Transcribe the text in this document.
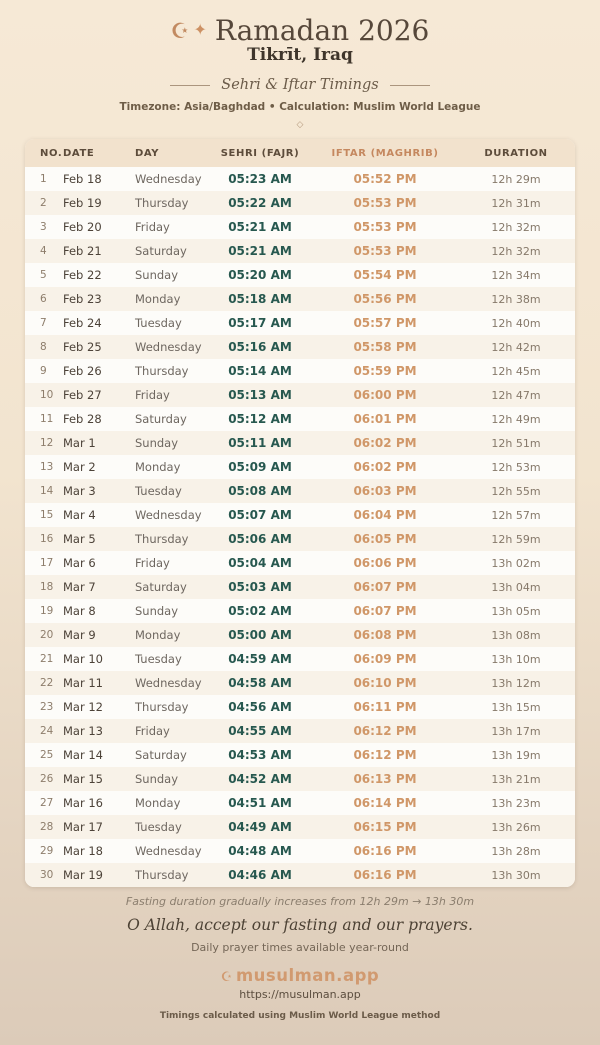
☪ ✦ Ramadan 2026
Tikrīt, Iraq
Sehri & Iftar Timings
Timezone: Asia/Baghdad • Calculation: Muslim World League
◇
NO.	DATE	DAY	SEHRI (FAJR)	IFTAR (MAGHRIB)	DURATION
1	Feb 18	Wednesday	05:23 AM	05:52 PM	12h 29m
2	Feb 19	Thursday	05:22 AM	05:53 PM	12h 31m
3	Feb 20	Friday	05:21 AM	05:53 PM	12h 32m
4	Feb 21	Saturday	05:21 AM	05:53 PM	12h 32m
5	Feb 22	Sunday	05:20 AM	05:54 PM	12h 34m
6	Feb 23	Monday	05:18 AM	05:56 PM	12h 38m
7	Feb 24	Tuesday	05:17 AM	05:57 PM	12h 40m
8	Feb 25	Wednesday	05:16 AM	05:58 PM	12h 42m
9	Feb 26	Thursday	05:14 AM	05:59 PM	12h 45m
10	Feb 27	Friday	05:13 AM	06:00 PM	12h 47m
11	Feb 28	Saturday	05:12 AM	06:01 PM	12h 49m
12	Mar 1	Sunday	05:11 AM	06:02 PM	12h 51m
13	Mar 2	Monday	05:09 AM	06:02 PM	12h 53m
14	Mar 3	Tuesday	05:08 AM	06:03 PM	12h 55m
15	Mar 4	Wednesday	05:07 AM	06:04 PM	12h 57m
16	Mar 5	Thursday	05:06 AM	06:05 PM	12h 59m
17	Mar 6	Friday	05:04 AM	06:06 PM	13h 02m
18	Mar 7	Saturday	05:03 AM	06:07 PM	13h 04m
19	Mar 8	Sunday	05:02 AM	06:07 PM	13h 05m
20	Mar 9	Monday	05:00 AM	06:08 PM	13h 08m
21	Mar 10	Tuesday	04:59 AM	06:09 PM	13h 10m
22	Mar 11	Wednesday	04:58 AM	06:10 PM	13h 12m
23	Mar 12	Thursday	04:56 AM	06:11 PM	13h 15m
24	Mar 13	Friday	04:55 AM	06:12 PM	13h 17m
25	Mar 14	Saturday	04:53 AM	06:12 PM	13h 19m
26	Mar 15	Sunday	04:52 AM	06:13 PM	13h 21m
27	Mar 16	Monday	04:51 AM	06:14 PM	13h 23m
28	Mar 17	Tuesday	04:49 AM	06:15 PM	13h 26m
29	Mar 18	Wednesday	04:48 AM	06:16 PM	13h 28m
30	Mar 19	Thursday	04:46 AM	06:16 PM	13h 30m
Fasting duration gradually increases from 12h 29m → 13h 30m
O Allah, accept our fasting and our prayers.
Daily prayer times available year-round
☪ musulman.app
https://musulman.app
Timings calculated using Muslim World League method
